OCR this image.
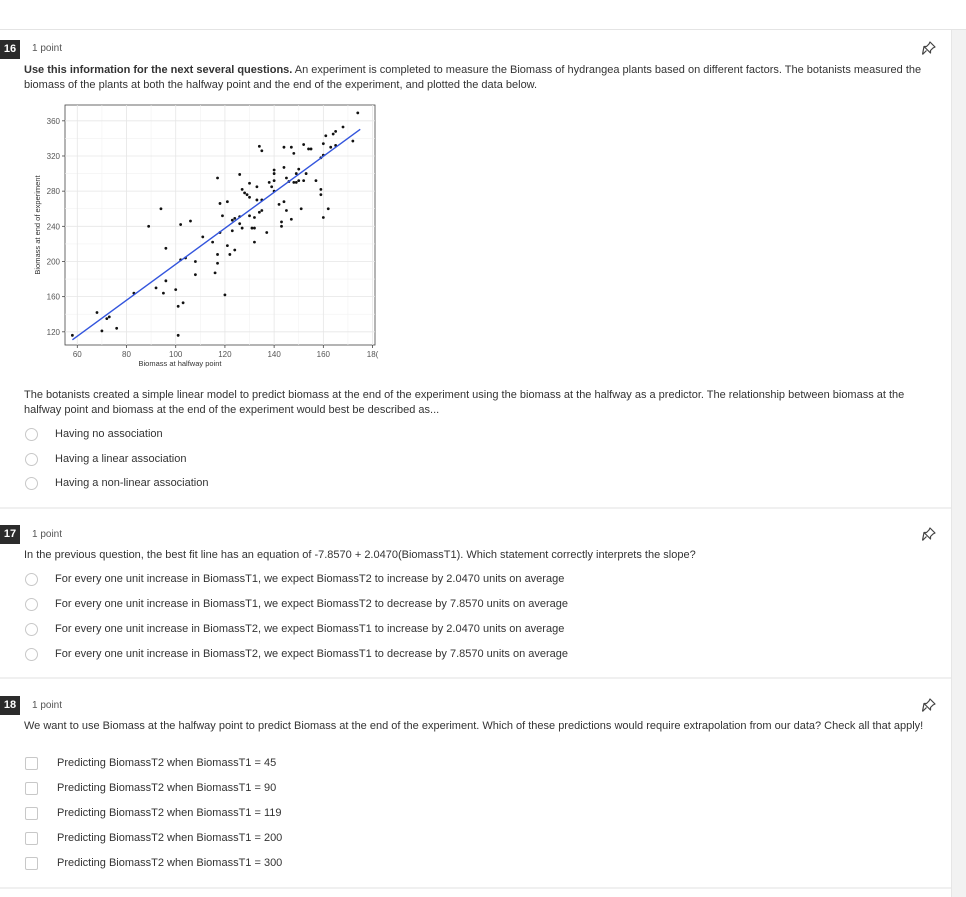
16	1 point
Use this information for the next several questions. An experiment is completed to measure the Biomass of hydrangea plants based on different factors. The botanists measured the biomass of the plants at both the halfway point and the end of the experiment, and plotted the data below.
60	80	100	120	140	160	18(
120
160
200
240
280
320
360
Biomass at halfway point
Biomass at end of experiment
The botanists created a simple linear model to predict biomass at the end of the experiment using the biomass at the halfway as a predictor. The relationship between biomass at the halfway point and biomass at the end of the experiment would best be described as...
Having no association
Having a linear association
Having a non-linear association
17	1 point
In the previous question, the best fit line has an equation of -7.8570 + 2.0470(BiomassT1). Which statement correctly interprets the slope?
For every one unit increase in BiomassT1, we expect BiomassT2 to increase by 2.0470 units on average
For every one unit increase in BiomassT1, we expect BiomassT2 to decrease by 7.8570 units on average
For every one unit increase in BiomassT2, we expect BiomassT1 to increase by 2.0470 units on average
For every one unit increase in BiomassT2, we expect BiomassT1 to decrease by 7.8570 units on average
18	1 point
We want to use Biomass at the halfway point to predict Biomass at the end of the experiment. Which of these predictions would require extrapolation from our data? Check all that apply!
Predicting BiomassT2 when BiomassT1 = 45
Predicting BiomassT2 when BiomassT1 = 90
Predicting BiomassT2 when BiomassT1 = 119
Predicting BiomassT2 when BiomassT1 = 200
Predicting BiomassT2 when BiomassT1 = 300
